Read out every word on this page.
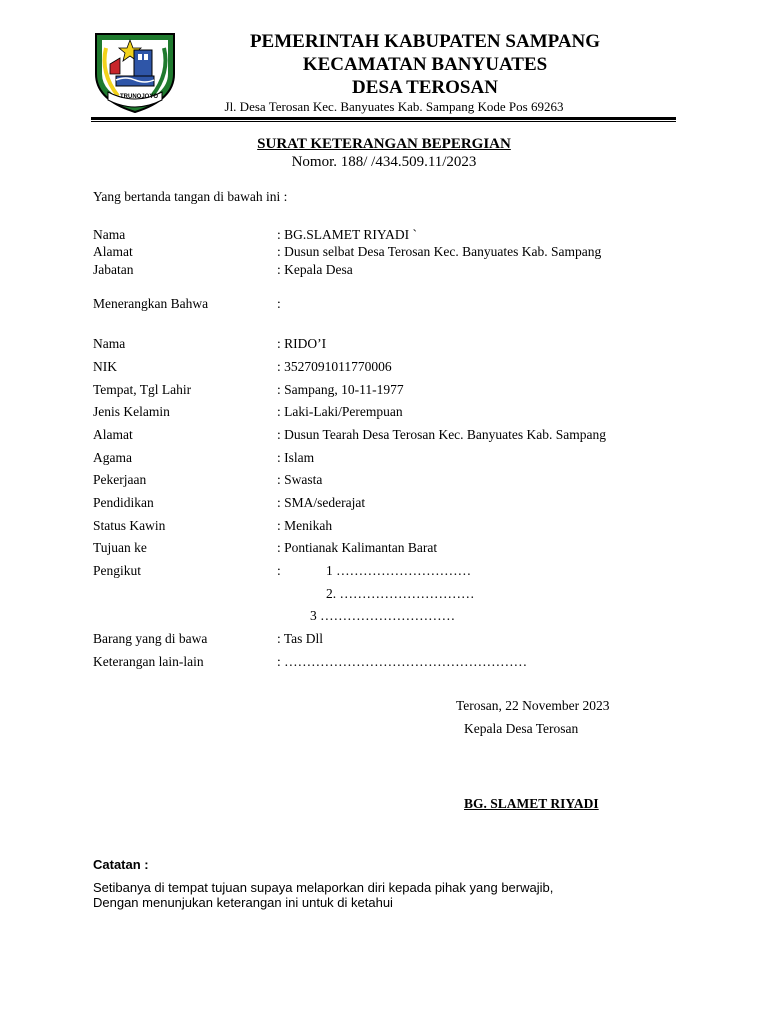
TRUNOJOYO
PEMERINTAH KABUPATEN SAMPANG
KECAMATAN BANYUATES
DESA TEROSAN
Jl. Desa Terosan Kec. Banyuates Kab. Sampang Kode Pos 69263
SURAT KETERANGAN BEPERGIAN
Nomor. 188/ /434.509.11/2023
Yang bertanda tangan di bawah ini :
Nama	: BG.SLAMET RIYADI `
Alamat	: Dusun selbat Desa Terosan Kec. Banyuates Kab. Sampang
Jabatan	: Kepala Desa
Menerangkan Bahwa	:
Nama	: RIDO’I
NIK	: 3527091011770006
Tempat, Tgl Lahir	: Sampang, 10-11-1977
Jenis Kelamin	: Laki-Laki/Perempuan
Alamat	: Dusun Tearah Desa Terosan Kec. Banyuates Kab. Sampang
Agama	: Islam
Pekerjaan	: Swasta
Pendidikan	: SMA/sederajat
Status Kawin	: Menikah
Tujuan ke	: Pontianak Kalimantan Barat
Pengikut	:	1 …………………………
2. …………………………
3 …………………………
Barang yang di bawa	: Tas Dll
Keterangan lain-lain	: ………………………………………………
Terosan, 22 November 2023
Kepala Desa Terosan
BG. SLAMET RIYADI
Catatan :
Setibanya di tempat tujuan supaya melaporkan diri kepada pihak yang berwajib,
Dengan menunjukan keterangan ini untuk di ketahui
